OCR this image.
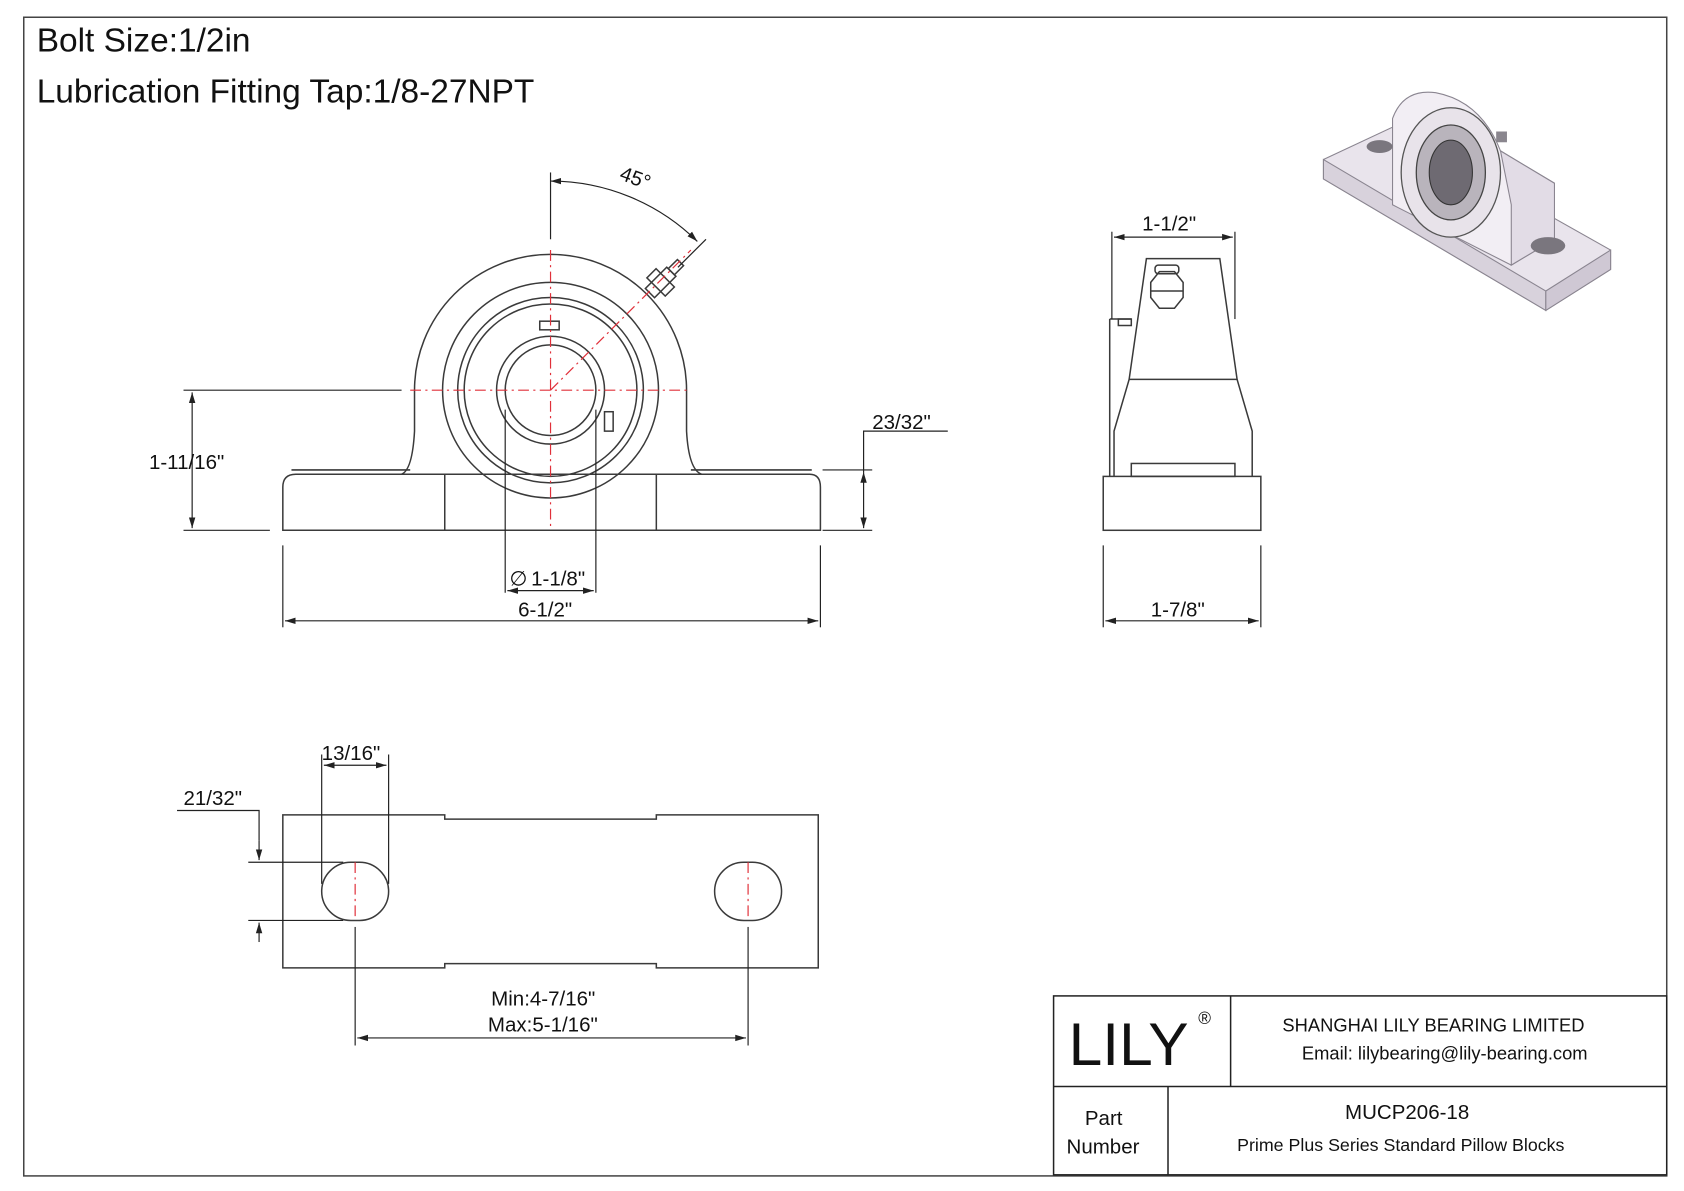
Bolt Size:1/2in
Lubrication Fitting Tap:1/8-27NPT
45°
1-11/16"
23/32"
∅ 1-1/8"
6-1/2"
1-1/2"
1-7/8"
13/16"
21/32"
Min:4-7/16"
Max:5-1/16"	LILY ®	SHANGHAI LILY BEARING LIMITED
Email: lilybearing@lily-bearing.com
Part
Number
MUCP206-18
Prime Plus Series Standard Pillow Blocks
